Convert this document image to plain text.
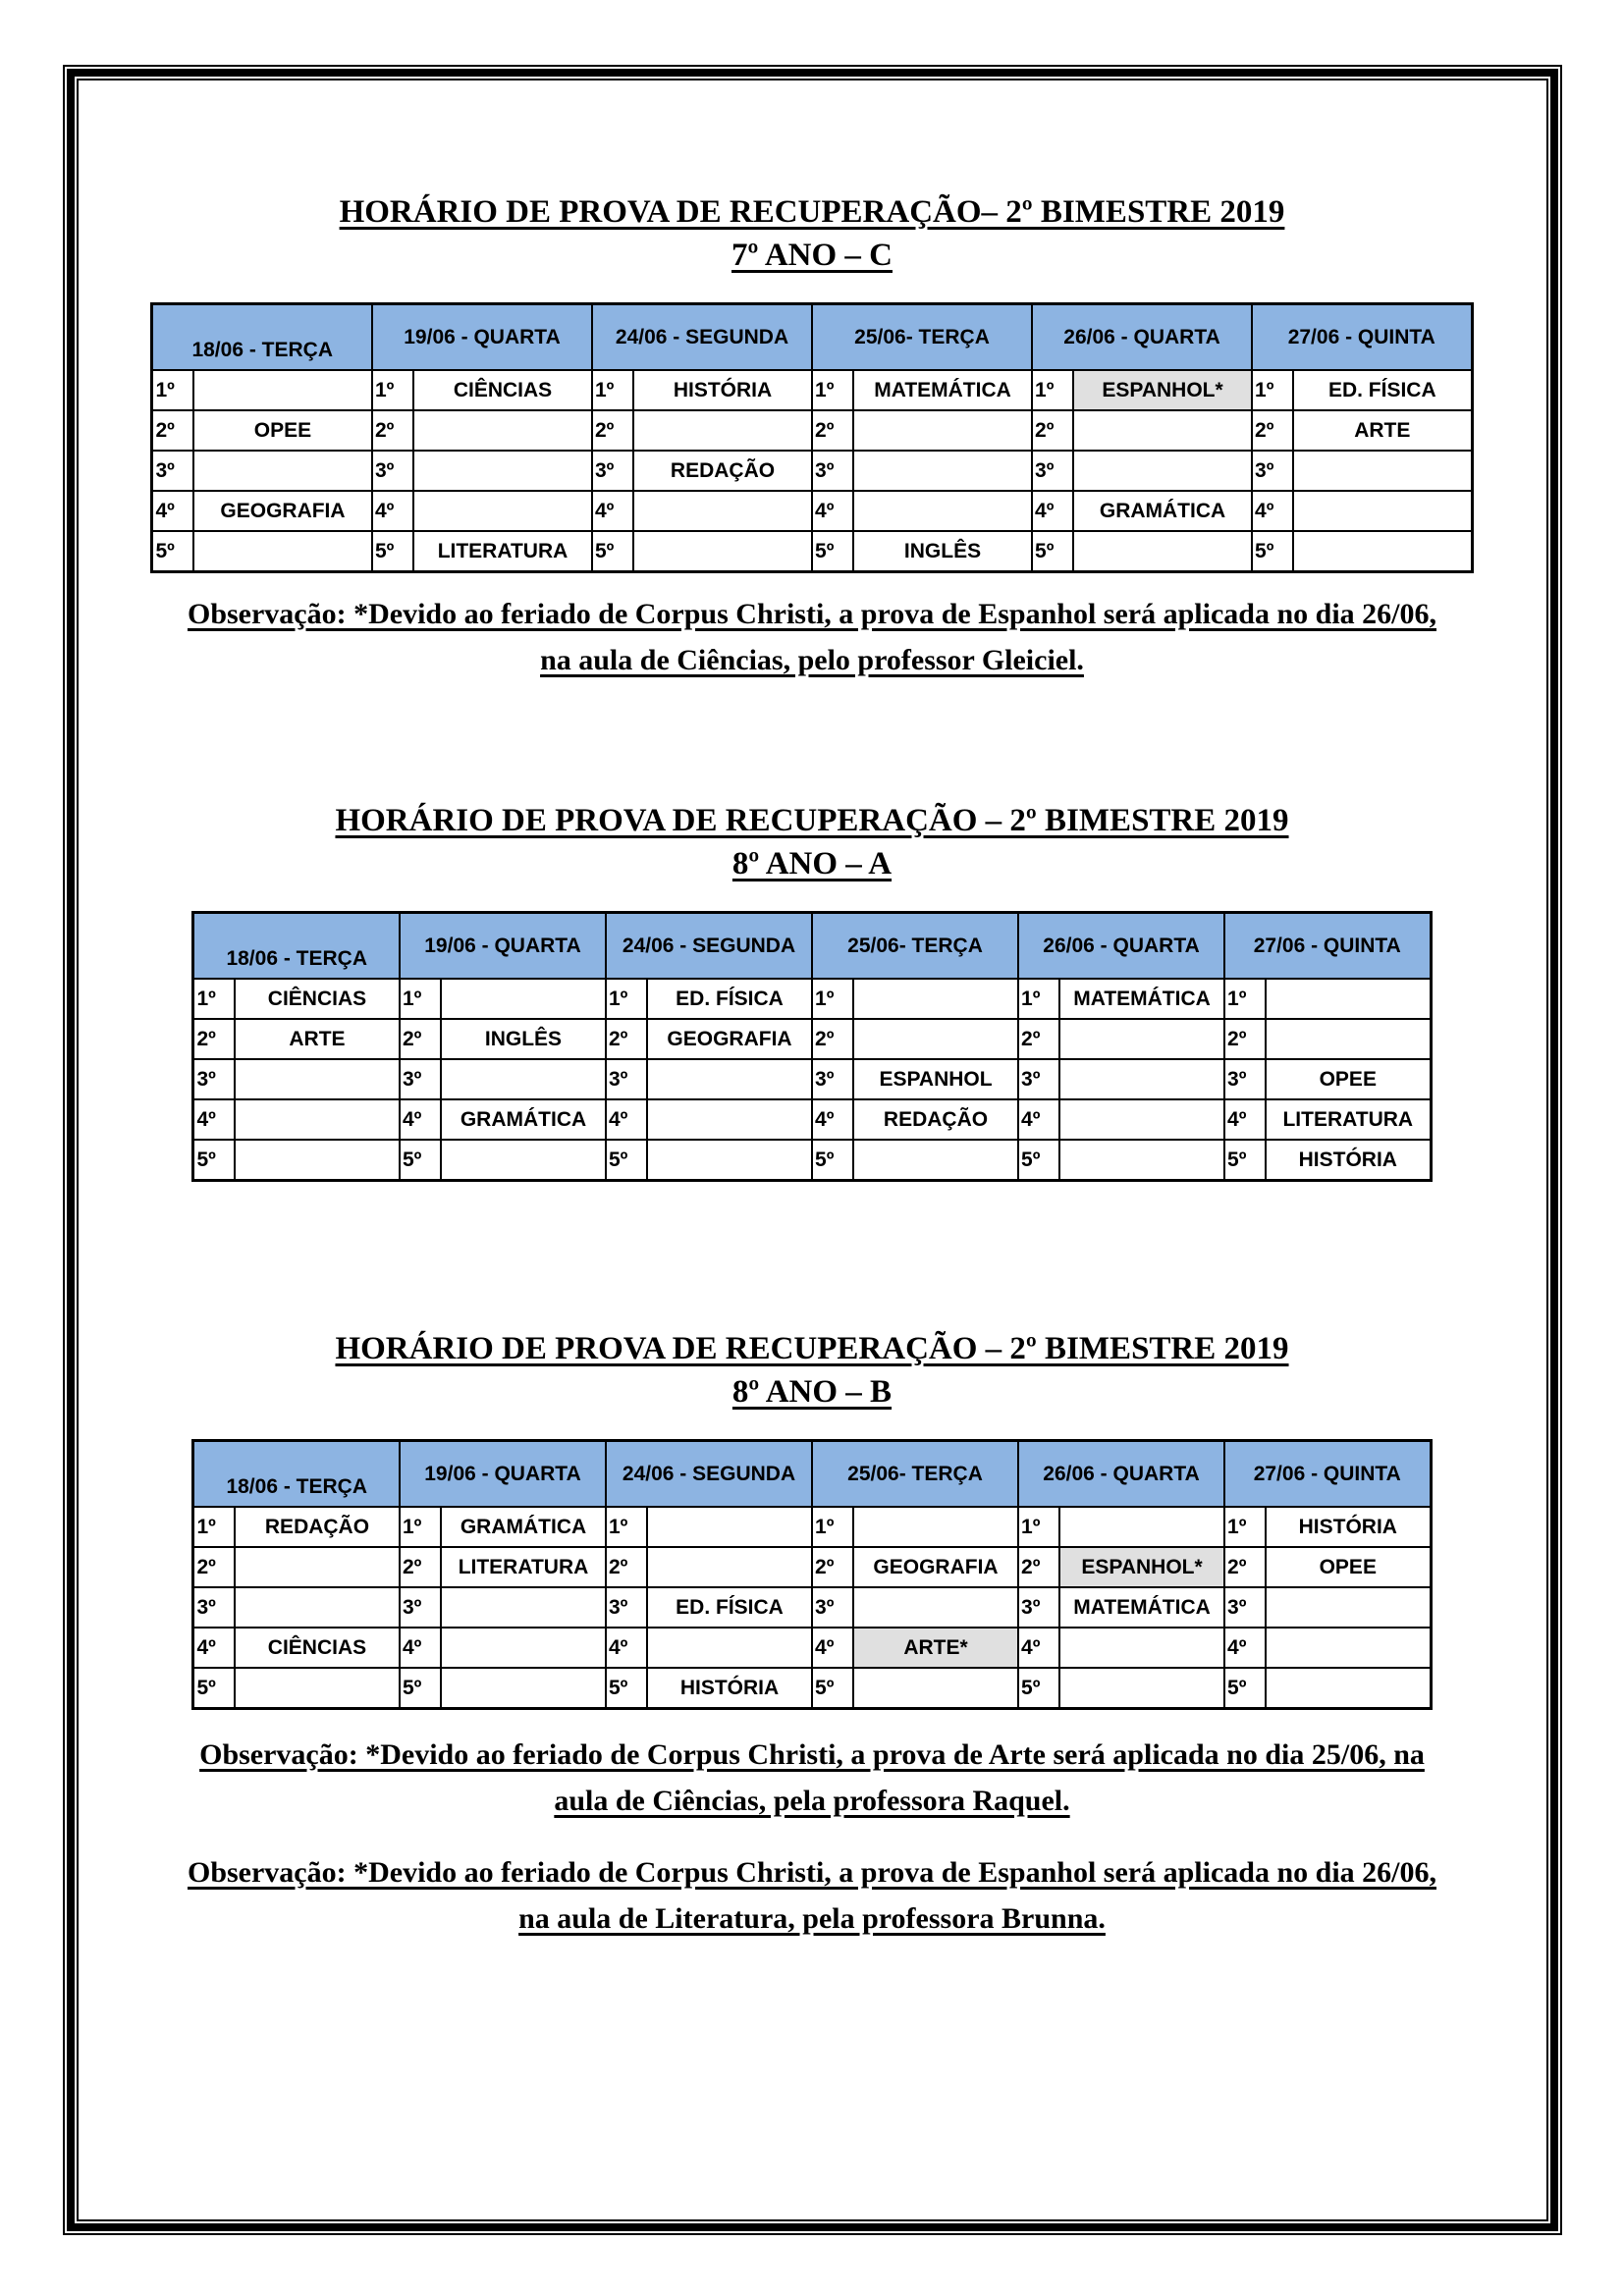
HORÁRIO DE PROVA DE RECUPERAÇÃO– 2º BIMESTRE 2019
7º ANO – C
18/06 - TERÇA		19/06 - QUARTA		24/06 - SEGUNDA		25/06- TERÇA		26/06 - QUARTA		27/06 - QUINTA	
1º		1º	CIÊNCIAS	1º	HISTÓRIA	1º	MATEMÁTICA	1º	ESPANHOL*	1º	ED. FÍSICA
2º	OPEE	2º		2º		2º		2º		2º	ARTE
3º		3º		3º	REDAÇÃO	3º		3º		3º	
4º	GEOGRAFIA	4º		4º		4º		4º	GRAMÁTICA	4º	
5º		5º	LITERATURA	5º		5º	INGLÊS	5º		5º	

Observação: *Devido ao feriado de Corpus Christi, a prova de Espanhol será aplicada no dia 26/06, na aula de Ciências, pelo professor Gleiciel.

HORÁRIO DE PROVA DE RECUPERAÇÃO – 2º BIMESTRE 2019
8º ANO – A
18/06 - TERÇA		19/06 - QUARTA		24/06 - SEGUNDA		25/06- TERÇA		26/06 - QUARTA		27/06 - QUINTA	
1º	CIÊNCIAS	1º		1º	ED. FÍSICA	1º		1º	MATEMÁTICA	1º	
2º	ARTE	2º	INGLÊS	2º	GEOGRAFIA	2º		2º		2º	
3º		3º		3º		3º	ESPANHOL	3º		3º	OPEE
4º		4º	GRAMÁTICA	4º		4º	REDAÇÃO	4º		4º	LITERATURA
5º		5º		5º		5º		5º		5º	HISTÓRIA
HORÁRIO DE PROVA DE RECUPERAÇÃO – 2º BIMESTRE 2019
8º ANO – B
18/06 - TERÇA		19/06 - QUARTA		24/06 - SEGUNDA		25/06- TERÇA		26/06 - QUARTA		27/06 - QUINTA	
1º	REDAÇÃO	1º	GRAMÁTICA	1º		1º		1º		1º	HISTÓRIA
2º		2º	LITERATURA	2º		2º	GEOGRAFIA	2º	ESPANHOL*	2º	OPEE
3º		3º		3º	ED. FÍSICA	3º		3º	MATEMÁTICA	3º	
4º	CIÊNCIAS	4º		4º		4º	ARTE*	4º		4º	
5º		5º		5º	HISTÓRIA	5º		5º		5º	

Observação: *Devido ao feriado de Corpus Christi, a prova de Arte será aplicada no dia 25/06, na aula de Ciências, pela professora Raquel.

Observação: *Devido ao feriado de Corpus Christi, a prova de Espanhol será aplicada no dia 26/06, na aula de Literatura, pela professora Brunna.
